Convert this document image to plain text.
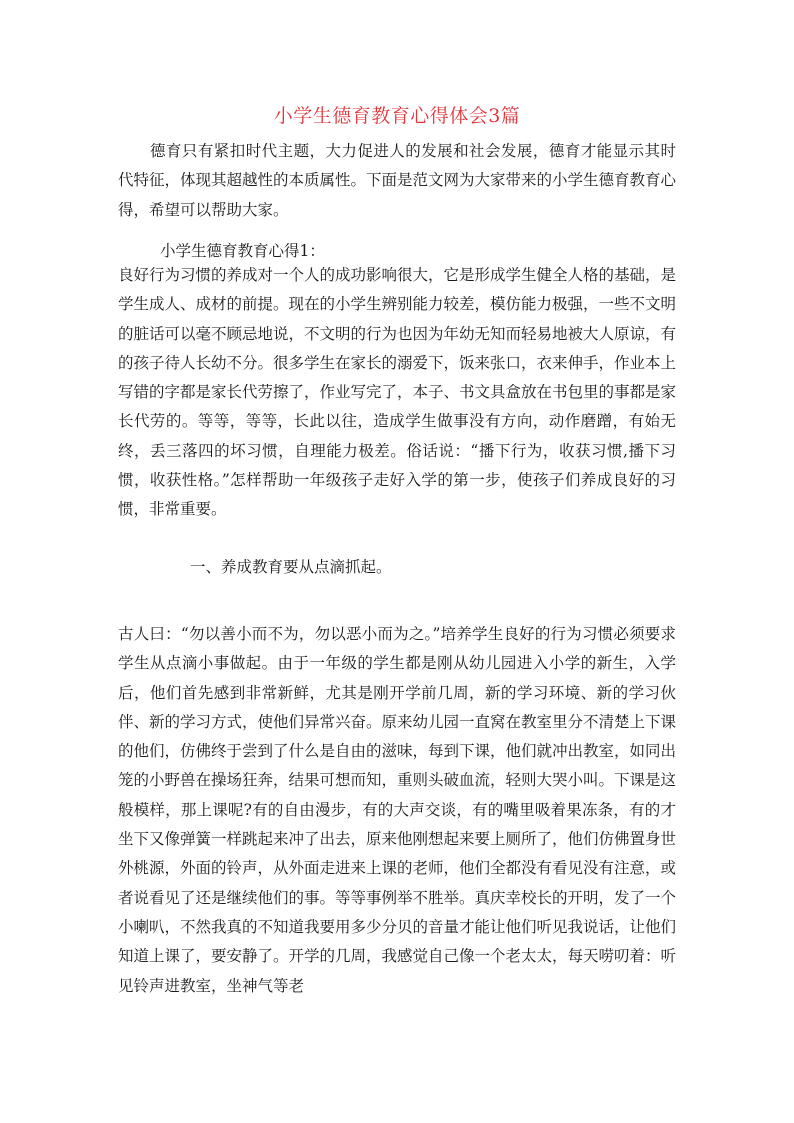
小学生德育教育心得体会3篇
德育只有紧扣时代主题，大力促进人的发展和社会发展，德育才能显示其时代特征，体现其超越性的本质属性。下面是范文网为大家带来的小学生德育教育心得，希望可以帮助大家。
小学生德育教育心得1：
良好行为习惯的养成对一个人的成功影响很大，它是形成学生健全人格的基础，是学生成人、成材的前提。现在的小学生辨别能力较差，模仿能力极强，一些不文明的脏话可以毫不顾忌地说，不文明的行为也因为年幼无知而轻易地被大人原谅，有的孩子待人长幼不分。很多学生在家长的溺爱下，饭来张口，衣来伸手，作业本上写错的字都是家长代劳擦了，作业写完了，本子、书文具盒放在书包里的事都是家长代劳的。等等，等等，长此以往，造成学生做事没有方向，动作磨蹭，有始无终，丢三落四的坏习惯，自理能力极差。俗话说：“播下行为，收获习惯,播下习惯，收获性格。”怎样帮助一年级孩子走好入学的第一步，使孩子们养成良好的习惯，非常重要。
一、养成教育要从点滴抓起。
古人曰：“勿以善小而不为，勿以恶小而为之。”培养学生良好的行为习惯必须要求学生从点滴小事做起。由于一年级的学生都是刚从幼儿园进入小学的新生，入学后，他们首先感到非常新鲜，尤其是刚开学前几周，新的学习环境、新的学习伙伴、新的学习方式，使他们异常兴奋。原来幼儿园一直窝在教室里分不清楚上下课的他们，仿佛终于尝到了什么是自由的滋味，每到下课，他们就冲出教室，如同出笼的小野兽在操场狂奔，结果可想而知，重则头破血流，轻则大哭小叫。下课是这般模样，那上课呢?有的自由漫步，有的大声交谈，有的嘴里吸着果冻条，有的才坐下又像弹簧一样跳起来冲了出去，原来他刚想起来要上厕所了，他们仿佛置身世外桃源，外面的铃声，从外面走进来上课的老师，他们全都没有看见没有注意，或者说看见了还是继续他们的事。等等事例举不胜举。真庆幸校长的开明，发了一个小喇叭，不然我真的不知道我要用多少分贝的音量才能让他们听见我说话，让他们知道上课了，要安静了。开学的几周，我感觉自己像一个老太太，每天唠叨着：听见铃声进教室，坐神气等老
